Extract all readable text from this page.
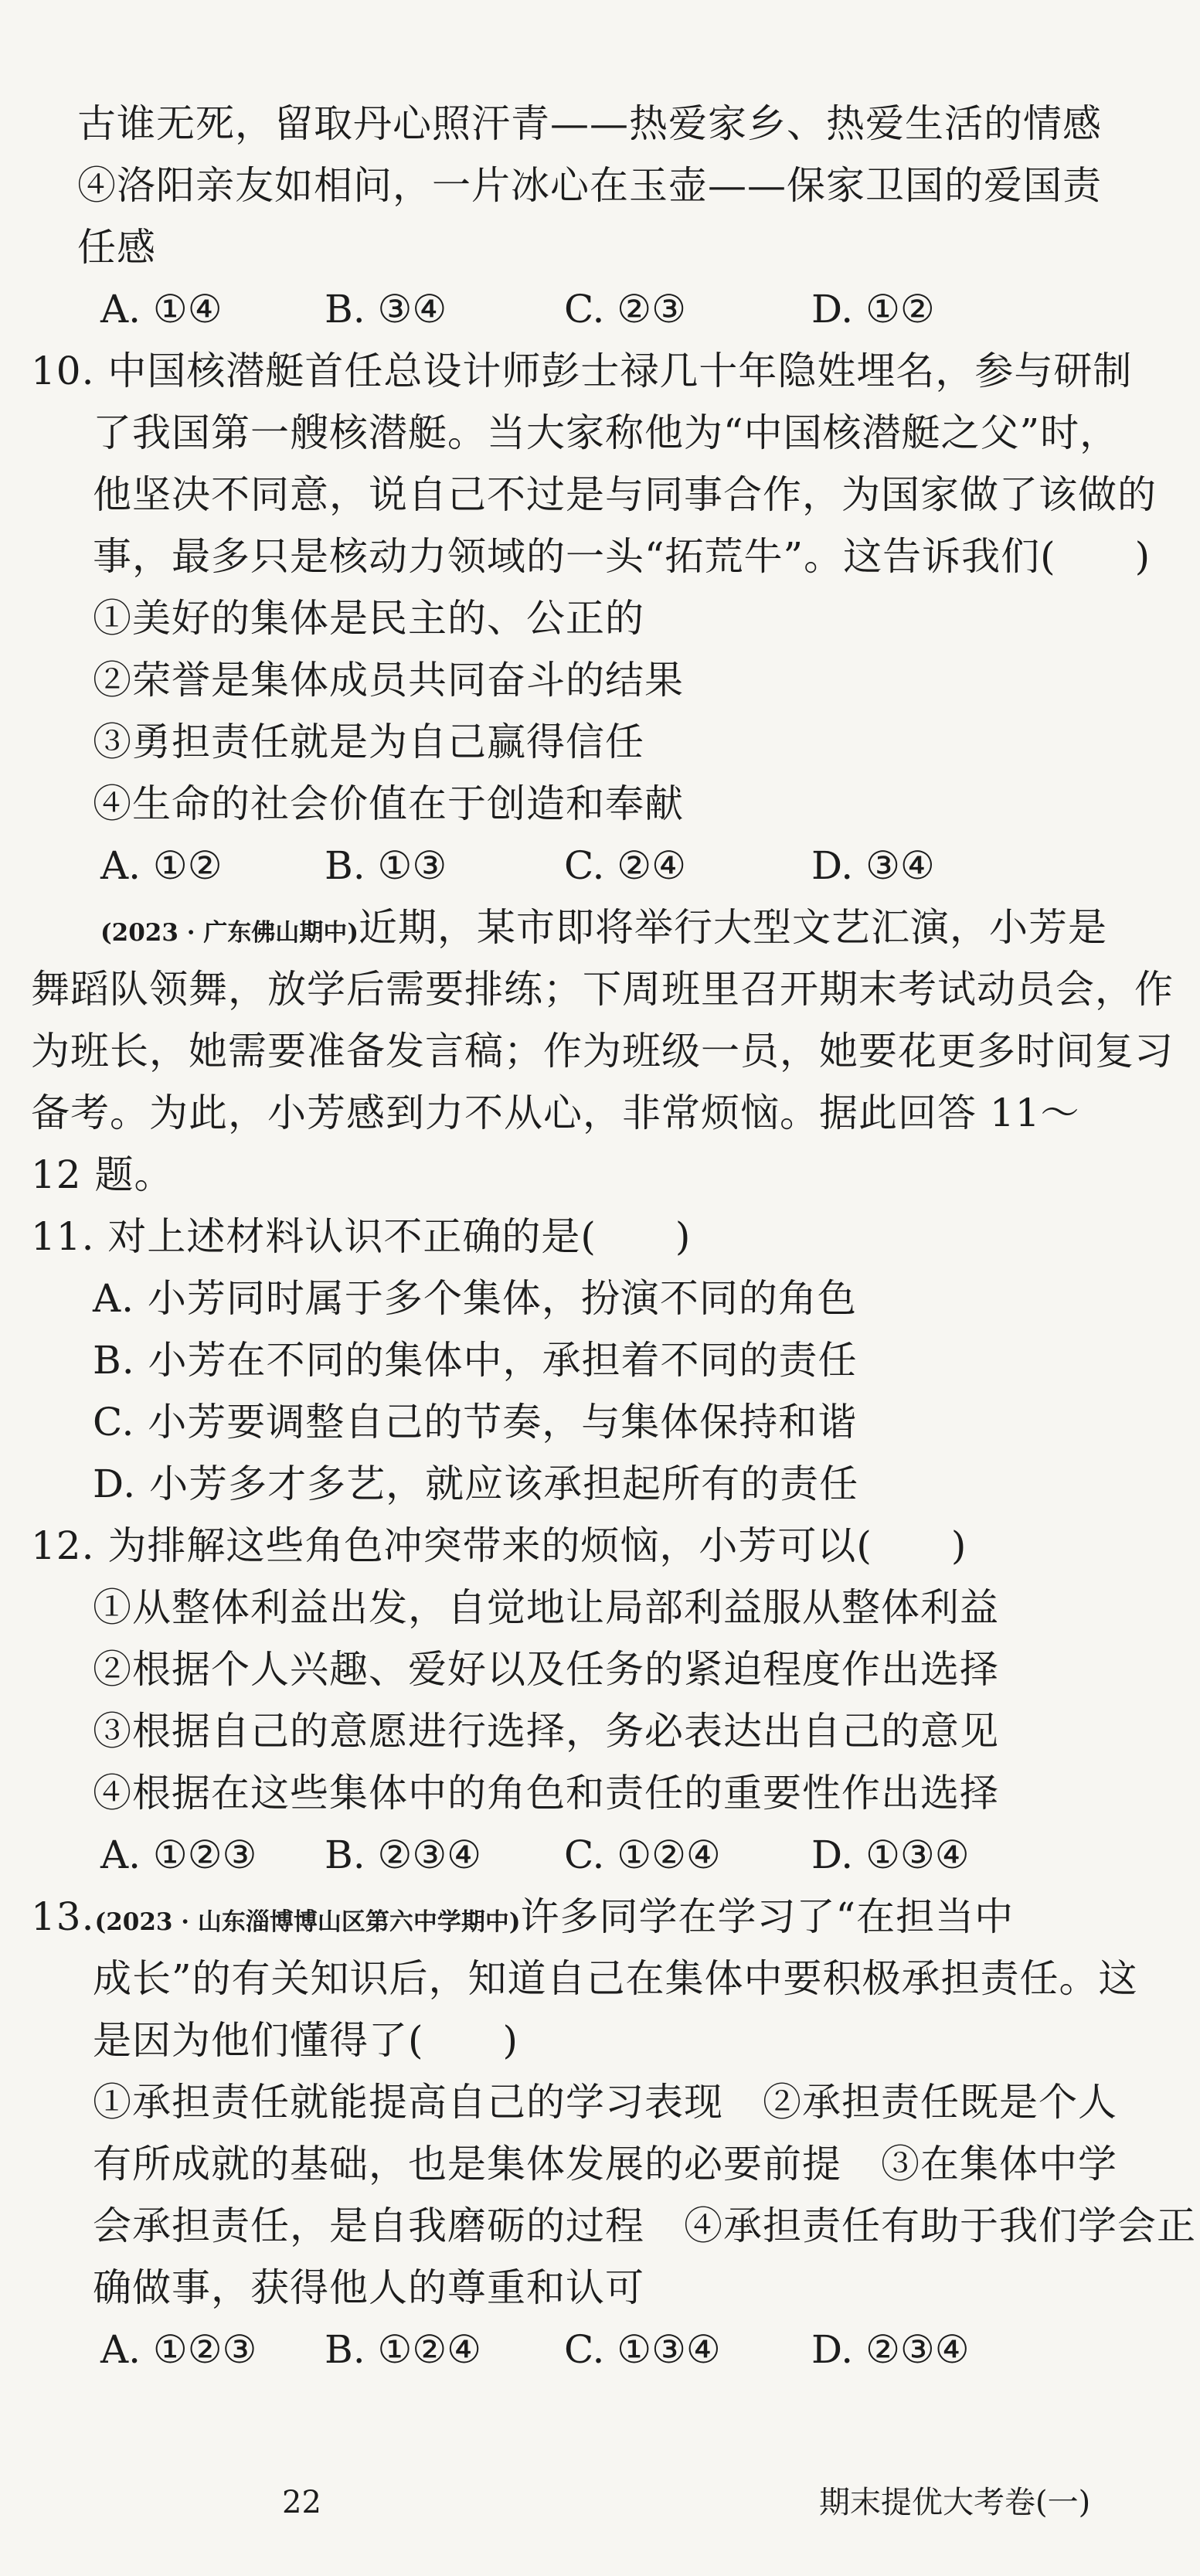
古谁无死，留取丹心照汗青——热爱家乡、热爱生活的情感
④洛阳亲友如相问，一片冰心在玉壶——保家卫国的爱国责
任感
A. ①④	B. ③④	C. ②③	D. ①②
10. 中国核潜艇首任总设计师彭士禄几十年隐姓埋名，参与研制
了我国第一艘核潜艇。当大家称他为“中国核潜艇之父”时，
他坚决不同意，说自己不过是与同事合作，为国家做了该做的
事，最多只是核动力领域的一头“拓荒牛”。这告诉我们(　　)
①美好的集体是民主的、公正的
②荣誉是集体成员共同奋斗的结果
③勇担责任就是为自己赢得信任
④生命的社会价值在于创造和奉献
A. ①②	B. ①③	C. ②④	D. ③④
(2023 · 广东佛山期中)近期，某市即将举行大型文艺汇演，小芳是
舞蹈队领舞，放学后需要排练；下周班里召开期末考试动员会，作
为班长，她需要准备发言稿；作为班级一员，她要花更多时间复习
备考。为此，小芳感到力不从心，非常烦恼。据此回答 11～
12 题。
11. 对上述材料认识不正确的是(　　)
A. 小芳同时属于多个集体，扮演不同的角色
B. 小芳在不同的集体中，承担着不同的责任
C. 小芳要调整自己的节奏，与集体保持和谐
D. 小芳多才多艺，就应该承担起所有的责任
12. 为排解这些角色冲突带来的烦恼，小芳可以(　　)
①从整体利益出发，自觉地让局部利益服从整体利益
②根据个人兴趣、爱好以及任务的紧迫程度作出选择
③根据自己的意愿进行选择，务必表达出自己的意见
④根据在这些集体中的角色和责任的重要性作出选择
A. ①②③ B. ②③④ C. ①②④ D. ①③④
13.(2023 · 山东淄博博山区第六中学期中)许多同学在学习了“在担当中
成长”的有关知识后，知道自己在集体中要积极承担责任。这
是因为他们懂得了(　　)
①承担责任就能提高自己的学习表现　②承担责任既是个人
有所成就的基础，也是集体发展的必要前提　③在集体中学
会承担责任，是自我磨砺的过程　④承担责任有助于我们学会正
确做事，获得他人的尊重和认可
A. ①②③ B. ①②④ C. ①③④ D. ②③④
22	期末提优大考卷(一)
